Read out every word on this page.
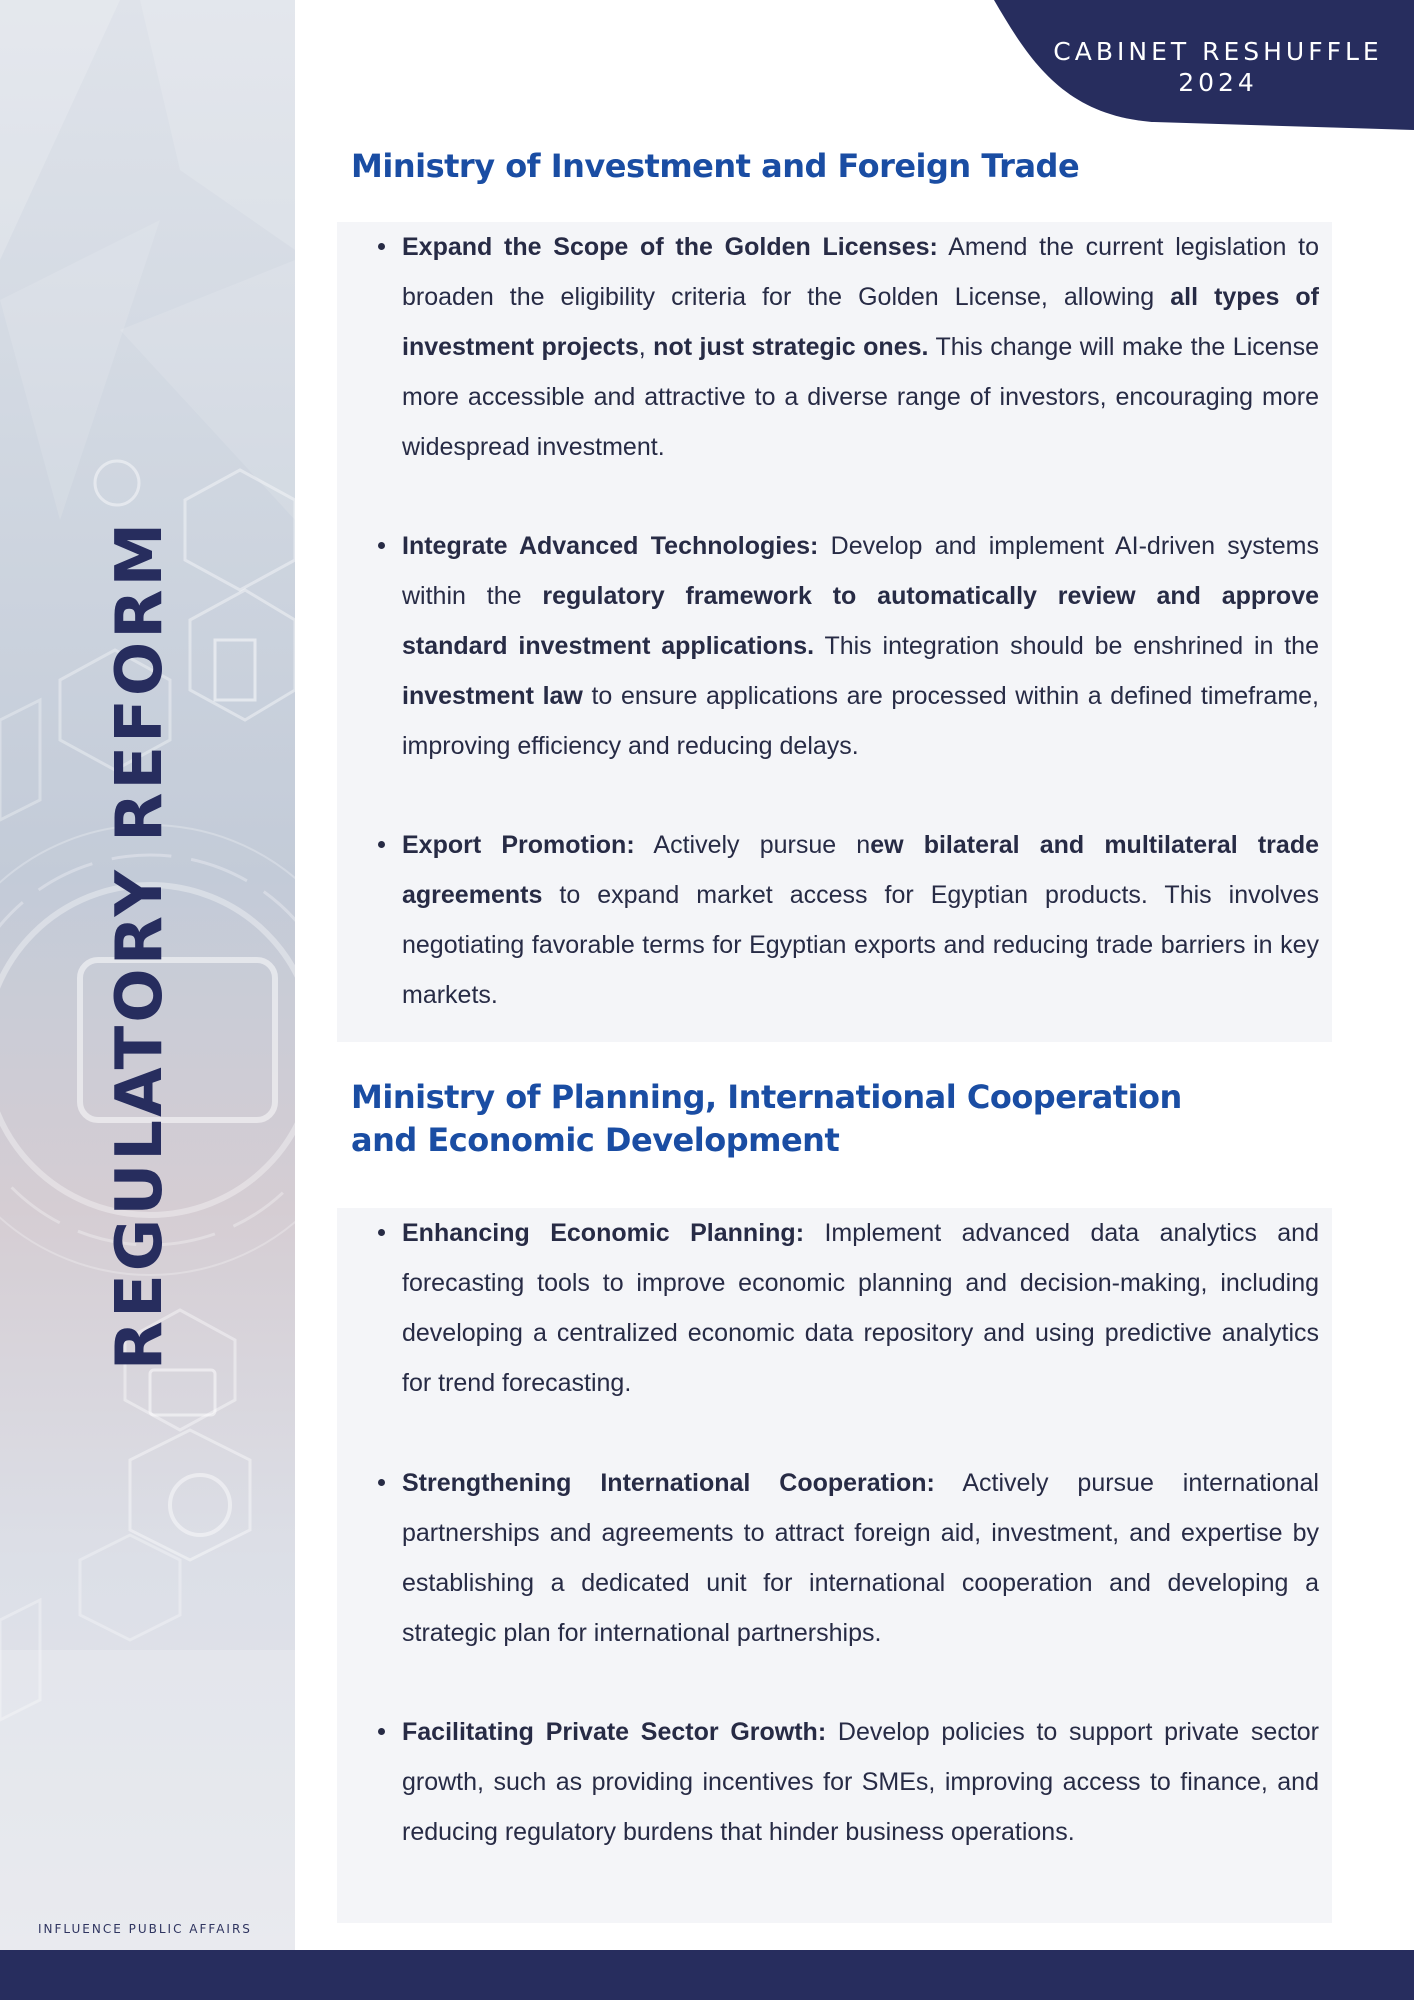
REGULATORY REFORM
INFLUENCE PUBLIC AFFAIRS
CABINET RESHUFFLE
2024
Ministry of Investment and Foreign Trade
Expand the Scope of the Golden Licenses: Amend the current legislation to broaden the eligibility criteria for the Golden License, allowing all types of investment projects, not just strategic ones. This change will make the License more accessible and attractive to a diverse range of investors, encouraging more widespread investment.
Integrate Advanced Technologies: Develop and implement AI-driven systems within the regulatory framework to automatically review and approve standard investment applications. This integration should be enshrined in the investment law to ensure applications are processed within a defined timeframe, improving efficiency and reducing delays.
Export Promotion: Actively pursue new bilateral and multilateral trade agreements to expand market access for Egyptian products. This involves negotiating favorable terms for Egyptian exports and reducing trade barriers in key markets.
Ministry of Planning, International Cooperation
and Economic Development
Enhancing Economic Planning: Implement advanced data analytics and forecasting tools to improve economic planning and decision-making, including developing a centralized economic data repository and using predictive analytics for trend forecasting.
Strengthening International Cooperation: Actively pursue international partnerships and agreements to attract foreign aid, investment, and expertise by establishing a dedicated unit for international cooperation and developing a strategic plan for international partnerships.
Facilitating Private Sector Growth: Develop policies to support private sector growth, such as providing incentives for SMEs, improving access to finance, and reducing regulatory burdens that hinder business operations.
